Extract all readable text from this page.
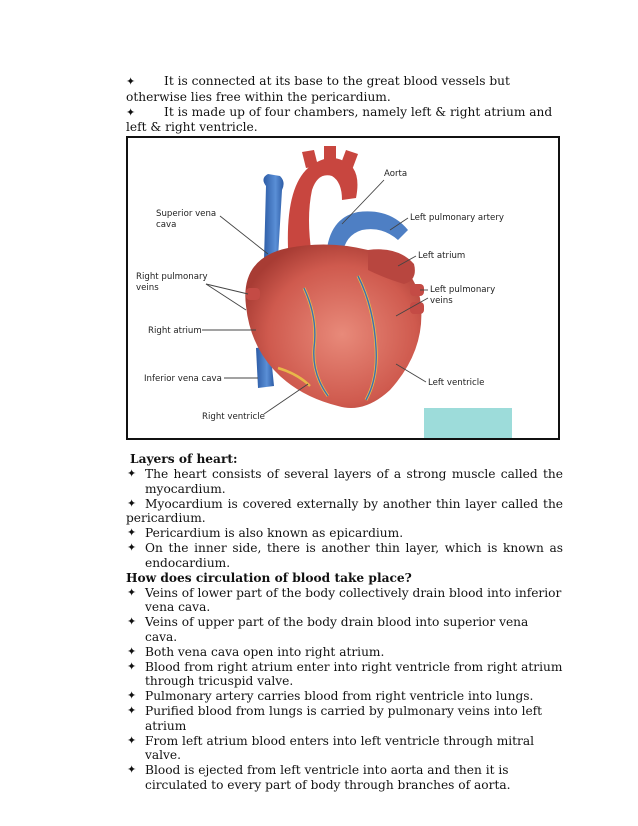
✦ It is connected at its base to the great blood vessels but otherwise lies free within the pericardium.

✦ It is made up of four chambers, namely left & right atrium and left & right ventricle.

Aorta
Superior vena
cava
Left pulmonary artery
Left atrium
Right pulmonary
veins	Left pulmonary
veins
Right atrium
Inferior vena cava	Left ventricle
Right ventricle

Layers of heart:

✦ The heart consists of several layers of a strong muscle called the myocardium.
✦ Myocardium is covered externally by another thin layer called the pericardium.
✦ Pericardium is also known as epicardium.
✦ On the inner side, there is another thin layer, which is known as endocardium.

How does circulation of blood take place?

✦ Veins of lower part of the body collectively drain blood into inferior vena cava.
✦ Veins of upper part of the body drain blood into superior vena cava.
✦ Both vena cava open into right atrium.
✦ Blood from right atrium enter into right ventricle from right atrium through tricuspid valve.
✦ Pulmonary artery carries blood from right ventricle into lungs.
✦ Purified blood from lungs is carried by pulmonary veins into left atrium
✦ From left atrium blood enters into left ventricle through mitral valve.
✦ Blood is ejected from left ventricle into aorta and then it is circulated to every part of body through branches of aorta.
